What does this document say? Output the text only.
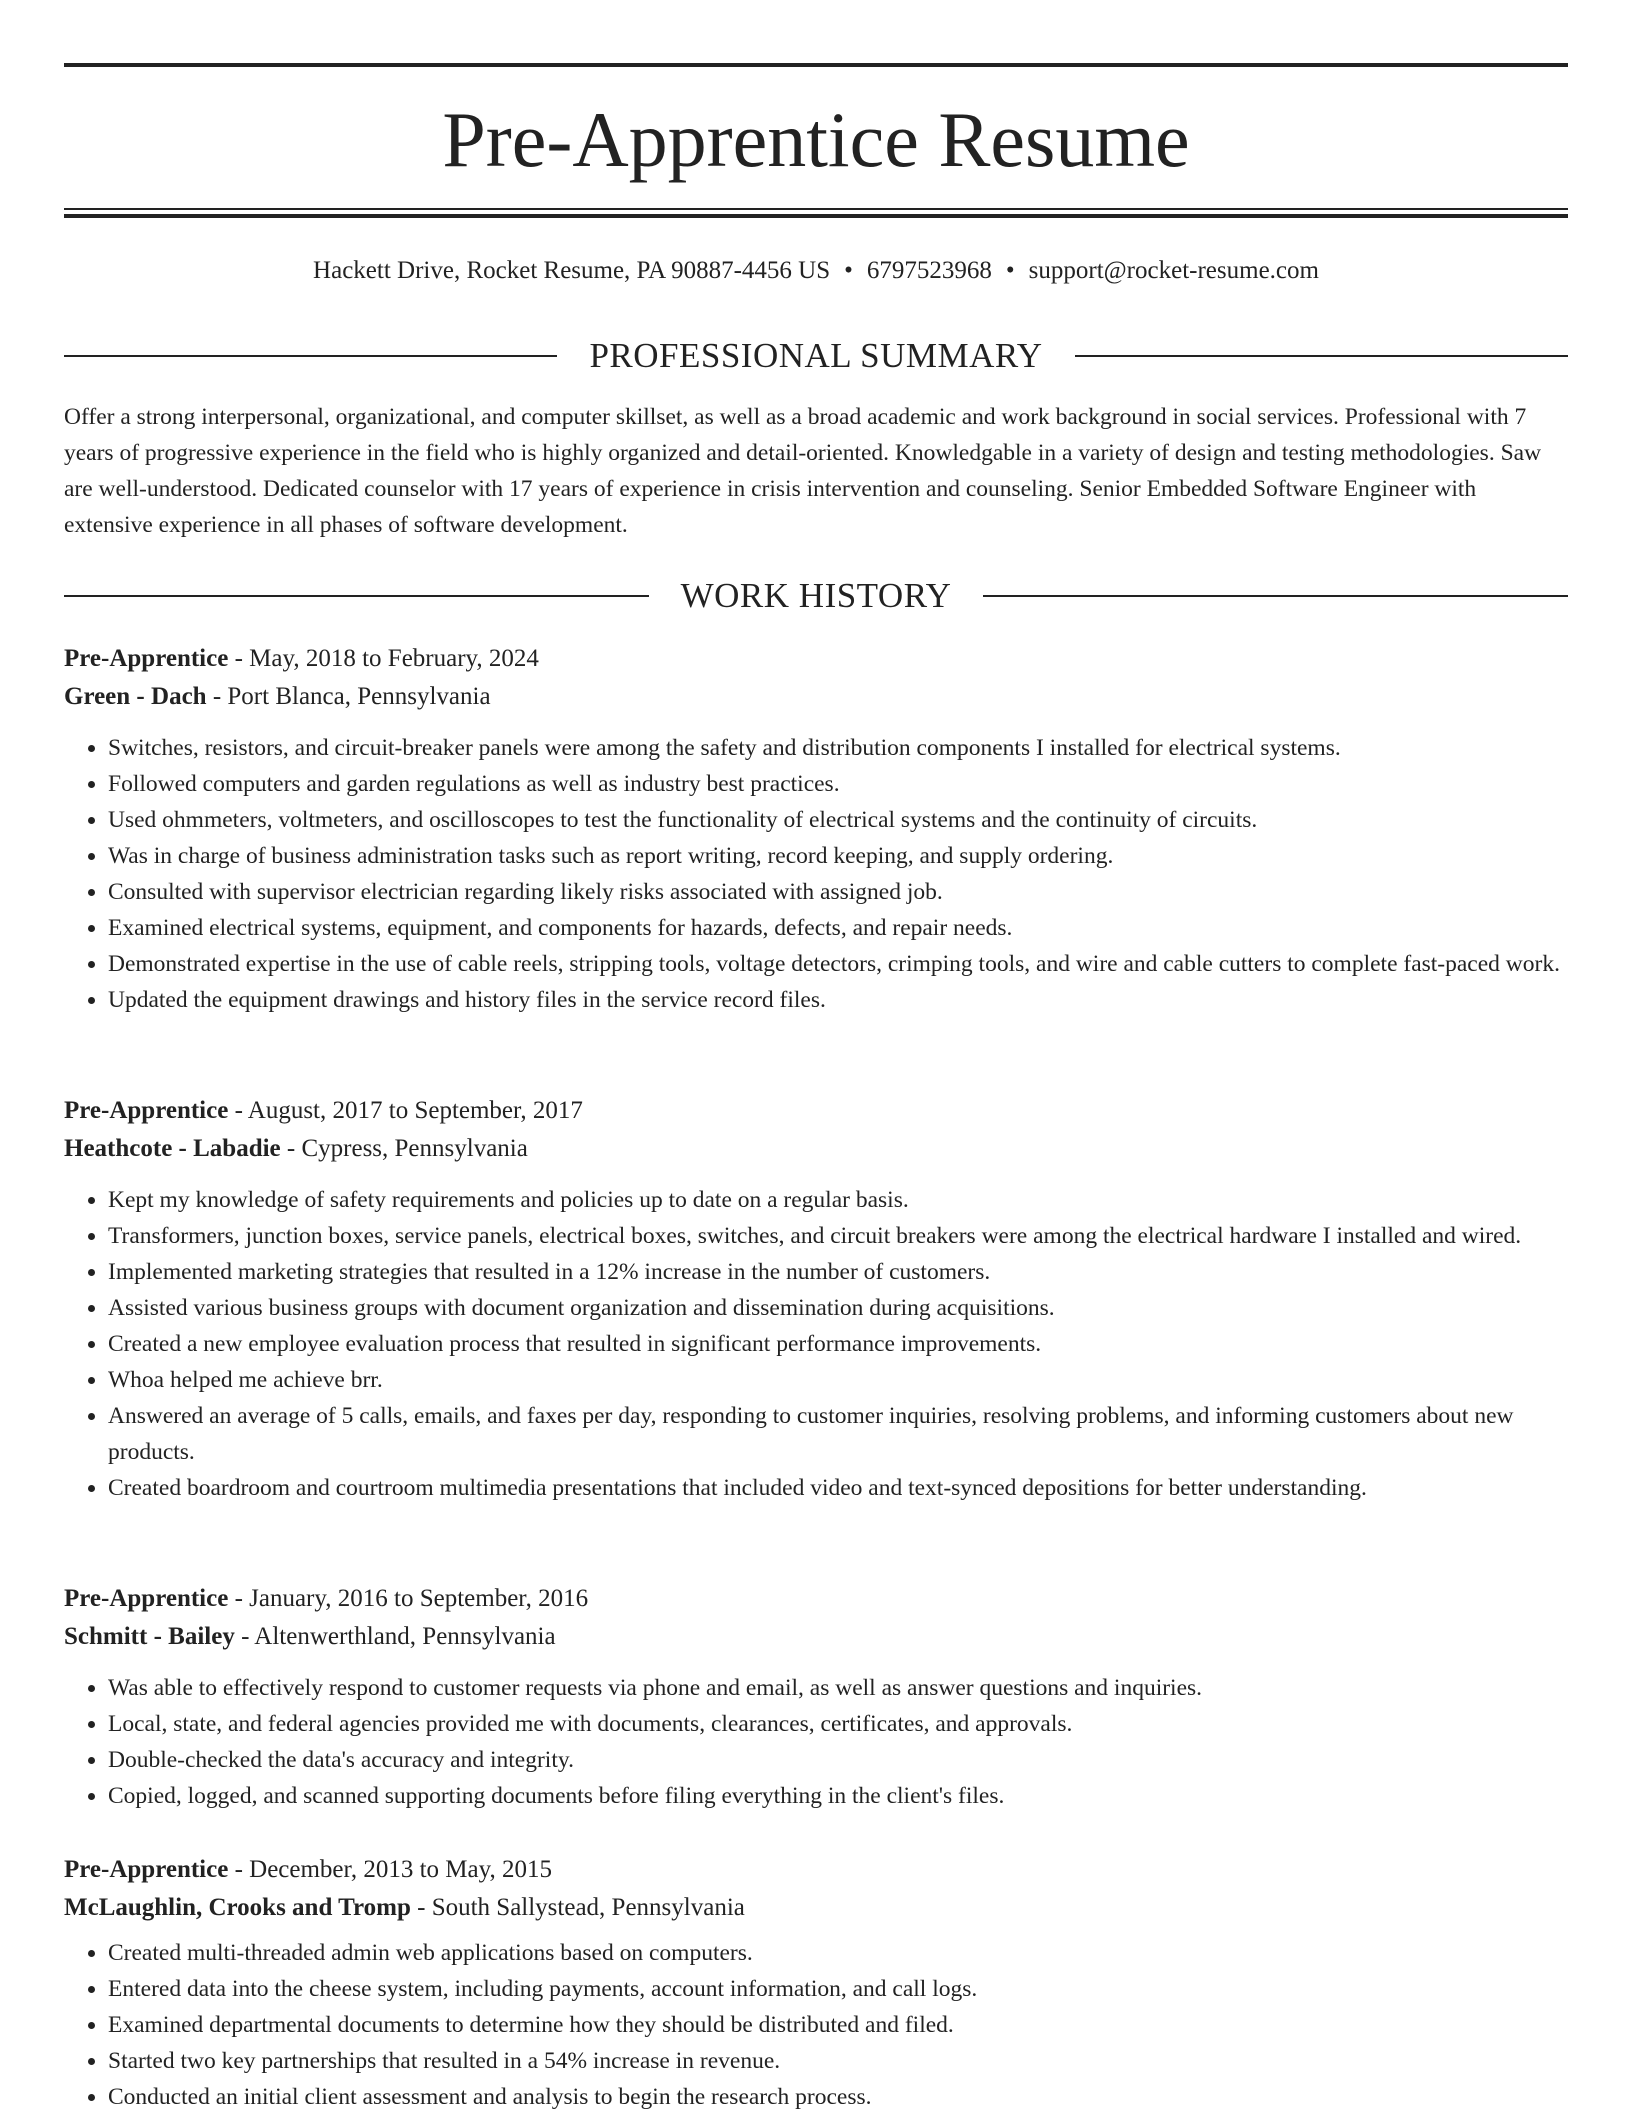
Pre-Apprentice Resume
Hackett Drive, Rocket Resume, PA 90887-4456 US • 6797523968 • support@rocket-resume.com
PROFESSIONAL SUMMARY

Offer a strong interpersonal, organizational, and computer skillset, as well as a broad academic and work background in social services. Professional with 7 years of progressive experience in the field who is highly organized and detail-oriented. Knowledgable in a variety of design and testing methodologies. Saw are well-understood. Dedicated counselor with 17 years of experience in crisis intervention and counseling. Senior Embedded Software Engineer with extensive experience in all phases of software development.

WORK HISTORY
Pre-Apprentice - May, 2018 to February, 2024
Green - Dach - Port Blanca, Pennsylvania
• Switches, resistors, and circuit-breaker panels were among the safety and distribution components I installed for electrical systems.
• Followed computers and garden regulations as well as industry best practices.
• Used ohmmeters, voltmeters, and oscilloscopes to test the functionality of electrical systems and the continuity of circuits.
• Was in charge of business administration tasks such as report writing, record keeping, and supply ordering.
• Consulted with supervisor electrician regarding likely risks associated with assigned job.
• Examined electrical systems, equipment, and components for hazards, defects, and repair needs.
• Demonstrated expertise in the use of cable reels, stripping tools, voltage detectors, crimping tools, and wire and cable cutters to complete fast-paced work.
• Updated the equipment drawings and history files in the service record files.
Pre-Apprentice - August, 2017 to September, 2017
Heathcote - Labadie - Cypress, Pennsylvania
• Kept my knowledge of safety requirements and policies up to date on a regular basis.
• Transformers, junction boxes, service panels, electrical boxes, switches, and circuit breakers were among the electrical hardware I installed and wired.
• Implemented marketing strategies that resulted in a 12% increase in the number of customers.
• Assisted various business groups with document organization and dissemination during acquisitions.
• Created a new employee evaluation process that resulted in significant performance improvements.
• Whoa helped me achieve brr.
• Answered an average of 5 calls, emails, and faxes per day, responding to customer inquiries, resolving problems, and informing customers about new products.
• Created boardroom and courtroom multimedia presentations that included video and text-synced depositions for better understanding.
Pre-Apprentice - January, 2016 to September, 2016
Schmitt - Bailey - Altenwerthland, Pennsylvania
• Was able to effectively respond to customer requests via phone and email, as well as answer questions and inquiries.
• Local, state, and federal agencies provided me with documents, clearances, certificates, and approvals.
• Double-checked the data's accuracy and integrity.
• Copied, logged, and scanned supporting documents before filing everything in the client's files.
Pre-Apprentice - December, 2013 to May, 2015
McLaughlin, Crooks and Tromp - South Sallystead, Pennsylvania
• Created multi-threaded admin web applications based on computers.
• Entered data into the cheese system, including payments, account information, and call logs.
• Examined departmental documents to determine how they should be distributed and filed.
• Started two key partnerships that resulted in a 54% increase in revenue.
• Conducted an initial client assessment and analysis to begin the research process.
